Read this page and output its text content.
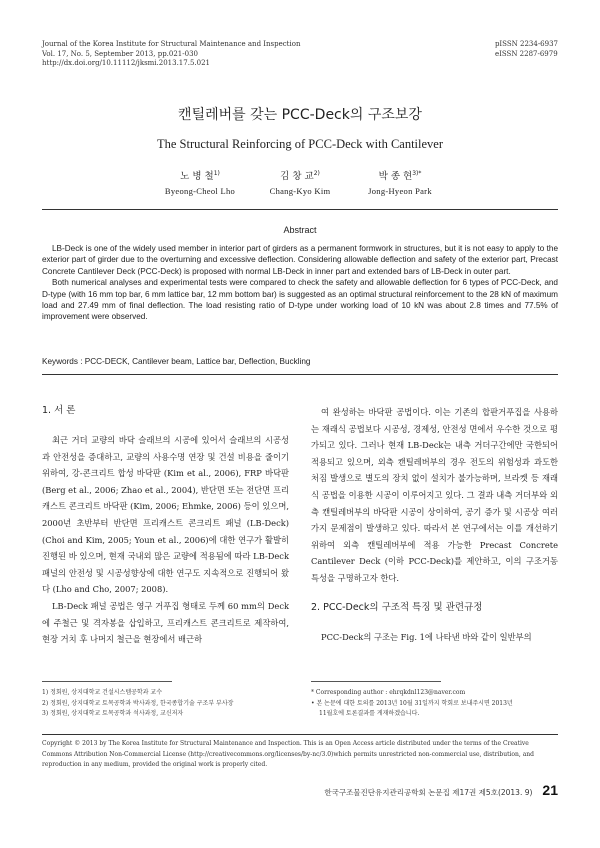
Journal of the Korea Institute for Structural Maintenance and Inspection
Vol. 17, No. 5, September 2013, pp.021-030
http://dx.doi.org/10.11112/jksmi.2013.17.5.021
pISSN 2234-6937
eISSN 2287-6979
캔틸레버를 갖는 PCC-Deck의 구조보강
The Structural Reinforcing of PCC-Deck with Cantilever
노 병 철$^{1)}$
Byeong-Cheol Lho
김 창 교$^{2)}$
Chang-Kyo Kim
박 종 현$^{3)*}$
Jong-Hyeon Park
Abstract

LB-Deck is one of the widely used member in interior part of girders as a permanent formwork in structures, but it is not easy to apply to the exterior part of girder due to the overturning and excessive deflection. Considering allowable deflection and safety of the exterior part, Precast Concrete Cantilever Deck (PCC-Deck) is proposed with normal LB-Deck in inner part and extended bars of LB-Deck in outer part.

Both numerical analyses and experimental tests were compared to check the safety and allowable deflection for 6 types of PCC-Deck, and D-type (with 16 mm top bar, 6 mm lattice bar, 12 mm bottom bar) is suggested as an optimal structural reinforcement to the 28 kN of maximum load and 27.49 mm of final deflection. The load resisting ratio of D-type under working load of 10 kN was about 2.8 times and 77.5% of improvement were observed.

Keywords : PCC-DECK, Cantilever beam, Lattice bar, Deflection, Buckling
1. 서 론

최근 거더 교량의 바닥 슬래브의 시공에 있어서 슬래브의 시공성과 안전성을 증대하고, 교량의 사용수명 연장 및 건설 비용을 줄이기 위하여, 강-콘크리트 합성 바닥판 (Kim et al., 2006), FRP 바닥판 (Berg et al., 2006; Zhao et al., 2004), 반단면 또는 전단면 프리캐스트 콘크리트 바닥판 (Kim, 2006; Ehmke, 2006) 등이 있으며, 2000년 초반부터 반단면 프리캐스트 콘크리트 패널 (LB-Deck) (Choi and Kim, 2005; Youn et al., 2006)에 대한 연구가 활발히 진행된 바 있으며, 현재 국내외 많은 교량에 적용됨에 따라 LB-Deck 패널의 안전성 및 시공성향상에 대한 연구도 지속적으로 진행되어 왔다 (Lho and Cho, 2007; 2008).

LB-Deck 패널 공법은 영구 거푸집 형태로 두께 60 mm의 Deck에 주철근 및 격자봉을 삽입하고, 프리캐스트 콘크리트로 제작하여, 현장 거치 후 나머지 철근을 현장에서 배근하

여 완성하는 바닥판 공법이다. 이는 기존의 합판거푸집을 사용하는 재래식 공법보다 시공성, 경제성, 안전성 면에서 우수한 것으로 평가되고 있다. 그러나 현재 LB-Deck는 내측 거더구간에만 국한되어 적용되고 있으며, 외측 캔틸레버부의 경우 전도의 위험성과 과도한 처짐 발생으로 별도의 장치 없이 설치가 불가능하며, 브라켓 등 재래식 공법을 이용한 시공이 이루어지고 있다. 그 결과 내측 거더부와 외측 캔틸레버부의 바닥판 시공이 상이하여, 공기 증가 및 시공상 여러 가지 문제점이 발생하고 있다. 따라서 본 연구에서는 이를 개선하기 위하여 외측 캔틸레버부에 적용 가능한 Precast Concrete Cantilever Deck (이하 PCC-Deck)를 제안하고, 이의 구조거동 특성을 구명하고자 한다.

2. PCC-Deck의 구조적 특징 및 관련규정

PCC-Deck의 구조는 Fig. 1에 나타낸 바와 같이 일반부의

1) 정회원, 상지대학교 건설시스템공학과 교수
2) 정회원, 상지대학교 토목공학과 박사과정, 한국종합기술 구조부 부사장
3) 정회원, 상지대학교 토목공학과 석사과정, 교신저자
* Corresponding author : ehrqkdnl123@naver.com
• 본 논문에 대한 토의를 2013년 10월 31일까지 학회로 보내주시면 2013년
11월호에 토론결과를 게재하겠습니다.
Copyright © 2013 by The Korea Institute for Structural Maintenance and Inspection. This is an Open Access article distributed under the terms of the Creative Commons Attribution Non-Commercial License (http://creativecommons.org/licenses/by-nc/3.0)which permits unrestricted non-commercial use, distribution, and reproduction in any medium, provided the original work is properly cited.
한국구조물진단유지관리공학회 논문집 제17권 제5호(2013. 9) 21
